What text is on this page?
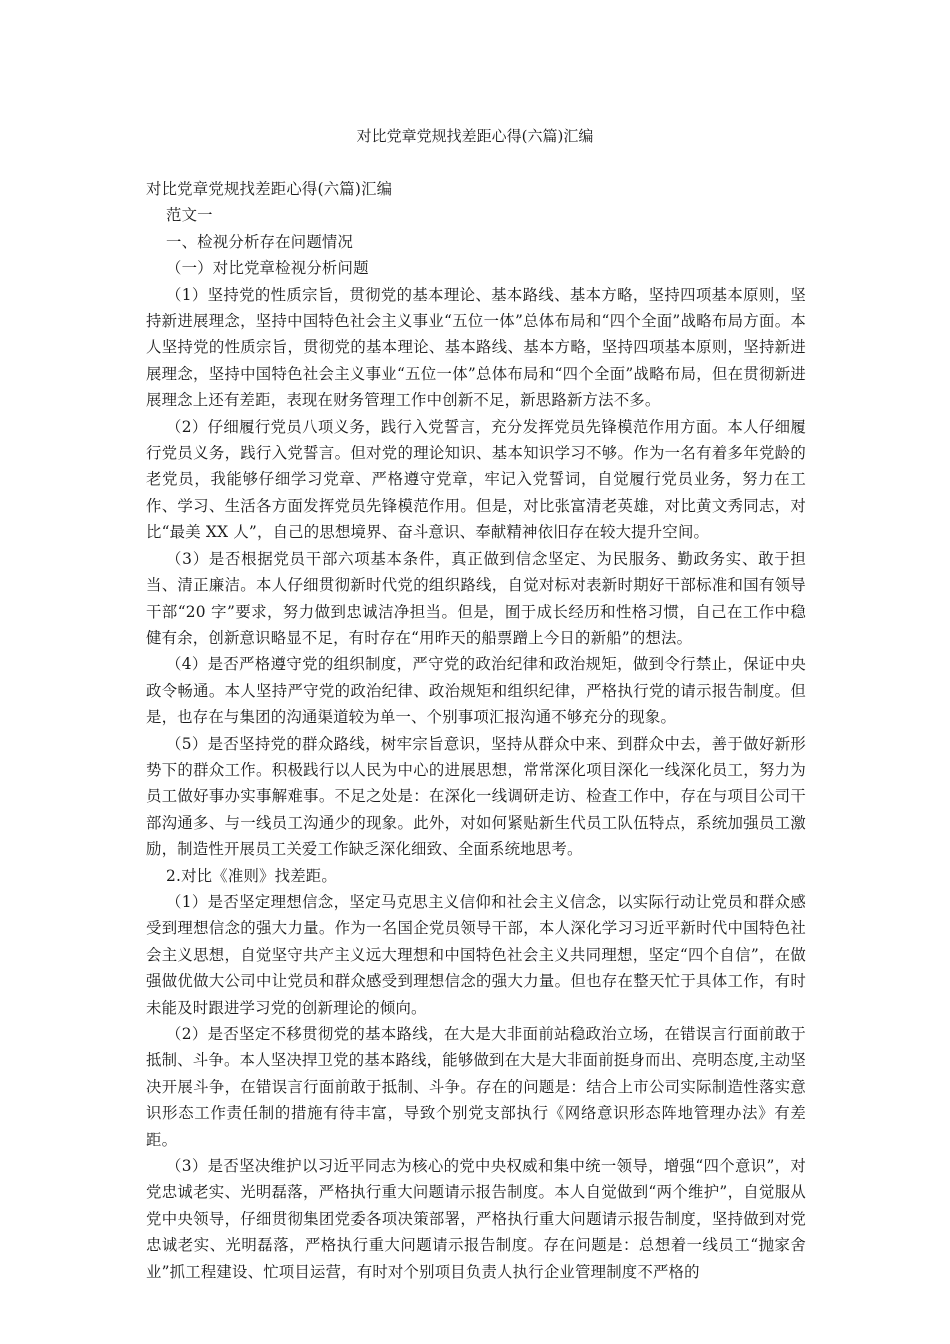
对比党章党规找差距心得(六篇)汇编

对比党章党规找差距心得(六篇)汇编

范文一

一、检视分析存在问题情况

（一）对比党章检视分析问题

（1）坚持党的性质宗旨，贯彻党的基本理论、基本路线、基本方略，坚持四项基本原则，坚持新进展理念，坚持中国特色社会主义事业“五位一体”总体布局和“四个全面”战略布局方面。本人坚持党的性质宗旨，贯彻党的基本理论、基本路线、基本方略，坚持四项基本原则，坚持新进展理念，坚持中国特色社会主义事业“五位一体”总体布局和“四个全面”战略布局，但在贯彻新进展理念上还有差距，表现在财务管理工作中创新不足，新思路新方法不多。

（2）仔细履行党员八项义务，践行入党誓言，充分发挥党员先锋模范作用方面。本人仔细履行党员义务，践行入党誓言。但对党的理论知识、基本知识学习不够。作为一名有着多年党龄的老党员，我能够仔细学习党章、严格遵守党章，牢记入党誓词，自觉履行党员业务，努力在工作、学习、生活各方面发挥党员先锋模范作用。但是，对比张富清老英雄，对比黄文秀同志，对比“最美 XX 人”，自己的思想境界、奋斗意识、奉献精神依旧存在较大提升空间。

（3）是否根据党员干部六项基本条件，真正做到信念坚定、为民服务、勤政务实、敢于担当、清正廉洁。本人仔细贯彻新时代党的组织路线，自觉对标对表新时期好干部标准和国有领导干部“20 字”要求，努力做到忠诚洁净担当。但是，囿于成长经历和性格习惯，自己在工作中稳健有余，创新意识略显不足，有时存在“用昨天的船票蹭上今日的新船”的想法。

（4）是否严格遵守党的组织制度，严守党的政治纪律和政治规矩，做到令行禁止，保证中央政令畅通。本人坚持严守党的政治纪律、政治规矩和组织纪律，严格执行党的请示报告制度。但是，也存在与集团的沟通渠道较为单一、个别事项汇报沟通不够充分的现象。

（5）是否坚持党的群众路线，树牢宗旨意识，坚持从群众中来、到群众中去，善于做好新形势下的群众工作。积极践行以人民为中心的进展思想，常常深化项目深化一线深化员工，努力为员工做好事办实事解难事。不足之处是：在深化一线调研走访、检查工作中，存在与项目公司干部沟通多、与一线员工沟通少的现象。此外，对如何紧贴新生代员工队伍特点，系统加强员工激励，制造性开展员工关爱工作缺乏深化细致、全面系统地思考。

2.对比《准则》找差距。

（1）是否坚定理想信念，坚定马克思主义信仰和社会主义信念，以实际行动让党员和群众感受到理想信念的强大力量。作为一名国企党员领导干部，本人深化学习习近平新时代中国特色社会主义思想，自觉坚守共产主义远大理想和中国特色社会主义共同理想，坚定“四个自信”，在做强做优做大公司中让党员和群众感受到理想信念的强大力量。但也存在整天忙于具体工作，有时未能及时跟进学习党的创新理论的倾向。

（2）是否坚定不移贯彻党的基本路线，在大是大非面前站稳政治立场，在错误言行面前敢于抵制、斗争。本人坚决捍卫党的基本路线，能够做到在大是大非面前挺身而出、亮明态度,主动坚决开展斗争，在错误言行面前敢于抵制、斗争。存在的问题是：结合上市公司实际制造性落实意识形态工作责任制的措施有待丰富，导致个别党支部执行《网络意识形态阵地管理办法》有差距。

（3）是否坚决维护以习近平同志为核心的党中央权威和集中统一领导，增强“四个意识”，对党忠诚老实、光明磊落，严格执行重大问题请示报告制度。本人自觉做到“两个维护”，自觉服从党中央领导，仔细贯彻集团党委各项决策部署，严格执行重大问题请示报告制度，坚持做到对党忠诚老实、光明磊落，严格执行重大问题请示报告制度。存在问题是：总想着一线员工“抛家舍业”抓工程建设、忙项目运营，有时对个别项目负责人执行企业管理制度不严格的
